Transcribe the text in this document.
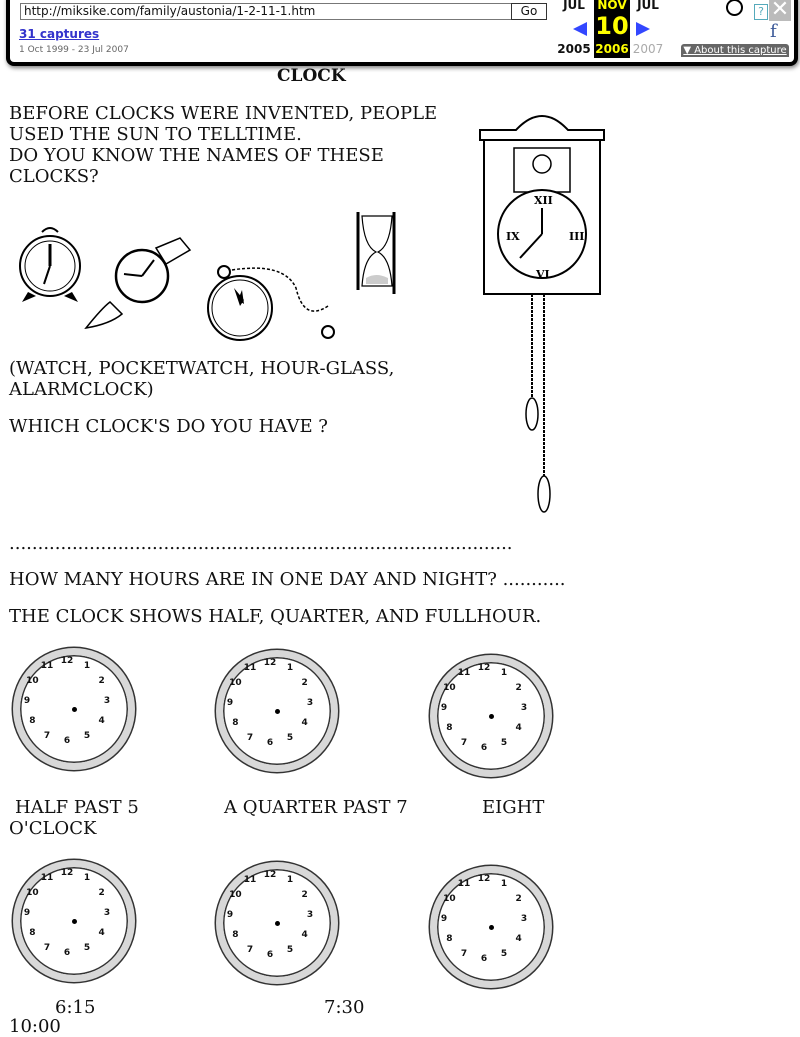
http://miksike.com/family/austonia/1-2-11-1.htm	Go
31 captures
1 Oct 1999 - 23 Jul 2007
JUL
2005
NOV
10
2006
JUL
2007
? ✕
f
▼ About this capture
CLOCK
BEFORE CLOCKS WERE INVENTED, PEOPLE USED THE SUN TO TELLTIME.
DO YOU KNOW THE NAMES OF THESE CLOCKS?
XII
IX	III
VI
(WATCH, POCKETWATCH, HOUR-GLASS, ALARMCLOCK)
WHICH CLOCK'S DO YOU HAVE ?
........................................................................................
HOW MANY HOURS ARE IN ONE DAY AND NIGHT? ...........
THE CLOCK SHOWS HALF, QUARTER, AND FULLHOUR.
12
1
2
3
4
5
6
7
8
9
10
11	12
1
2
3
4
5
6
7
8
9
10
11	12
1
2
3
4
5
6
7
8
9
10
11
HALF PAST 5	A QUARTER PAST 7	EIGHT
O'CLOCK
12
1
2
3
4
5
6
7
8
9
10
11	12
1
2
3
4
5
6
7
8
9
10
11	12
1
2
3
4
5
6
7
8
9
10
11
6:15	7:30
10:00
